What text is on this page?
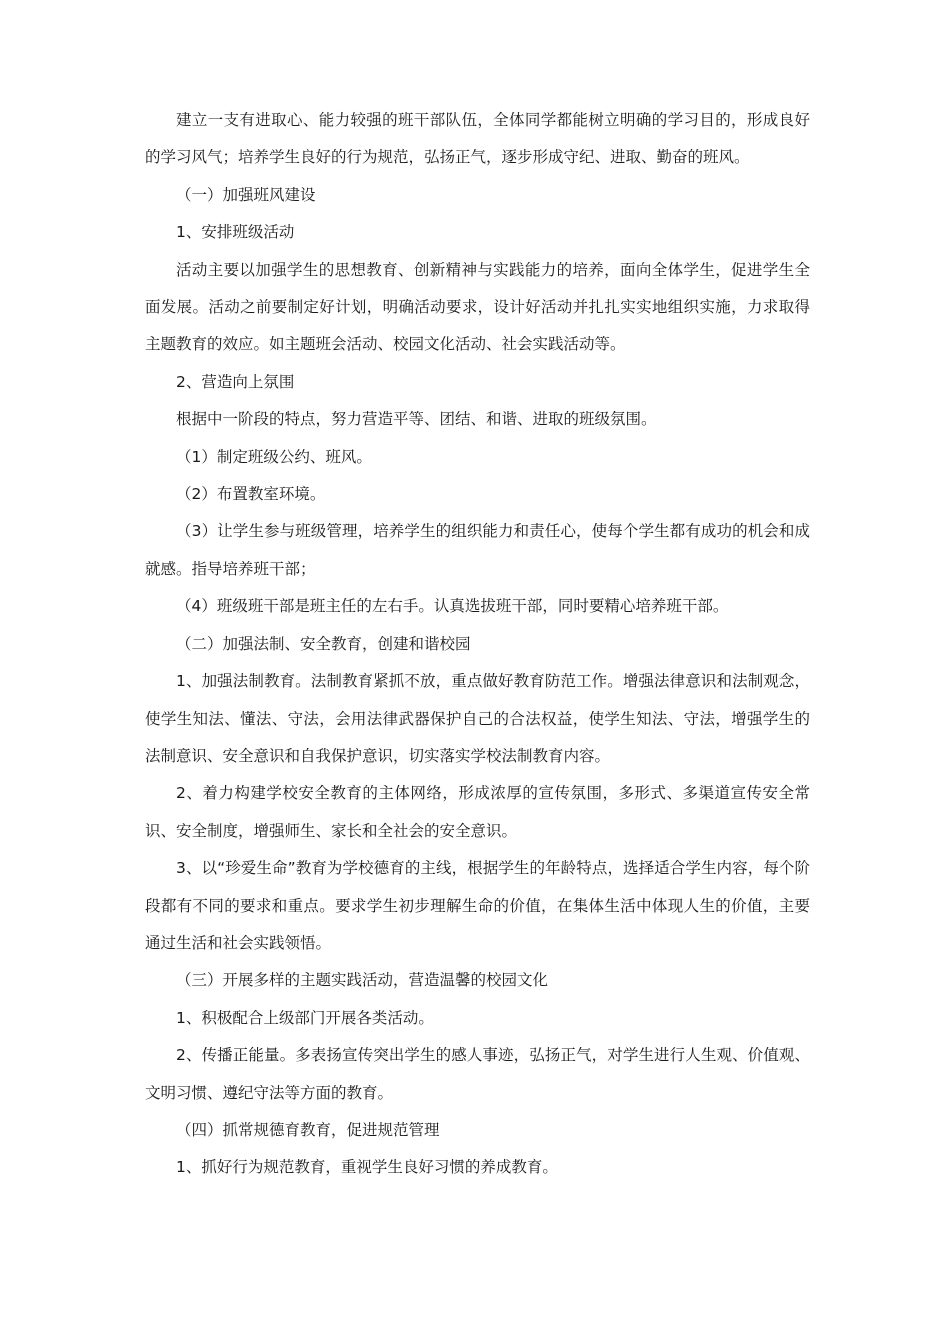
建立一支有进取心、能力较强的班干部队伍，全体同学都能树立明确的学习目的，形成良好的学习风气；培养学生良好的行为规范，弘扬正气，逐步形成守纪、进取、勤奋的班风。

（一）加强班风建设

1、安排班级活动

活动主要以加强学生的思想教育、创新精神与实践能力的培养，面向全体学生，促进学生全面发展。活动之前要制定好计划，明确活动要求，设计好活动并扎扎实实地组织实施，力求取得主题教育的效应。如主题班会活动、校园文化活动、社会实践活动等。

2、营造向上氛围

根据中一阶段的特点，努力营造平等、团结、和谐、进取的班级氛围。

（1）制定班级公约、班风。

（2）布置教室环境。

（3）让学生参与班级管理，培养学生的组织能力和责任心，使每个学生都有成功的机会和成就感。指导培养班干部；

（4）班级班干部是班主任的左右手。认真选拔班干部，同时要精心培养班干部。

（二）加强法制、安全教育，创建和谐校园

1、加强法制教育。法制教育紧抓不放，重点做好教育防范工作。增强法律意识和法制观念，使学生知法、懂法、守法，会用法律武器保护自己的合法权益，使学生知法、守法，增强学生的法制意识、安全意识和自我保护意识，切实落实学校法制教育内容。

2、着力构建学校安全教育的主体网络，形成浓厚的宣传氛围，多形式、多渠道宣传安全常识、安全制度，增强师生、家长和全社会的安全意识。

3、以“珍爱生命”教育为学校德育的主线，根据学生的年龄特点，选择适合学生内容，每个阶段都有不同的要求和重点。要求学生初步理解生命的价值，在集体生活中体现人生的价值，主要通过生活和社会实践领悟。

（三）开展多样的主题实践活动，营造温馨的校园文化

1、积极配合上级部门开展各类活动。

2、传播正能量。多表扬宣传突出学生的感人事迹，弘扬正气，对学生进行人生观、价值观、文明习惯、遵纪守法等方面的教育。

（四）抓常规德育教育，促进规范管理

1、抓好行为规范教育，重视学生良好习惯的养成教育。
